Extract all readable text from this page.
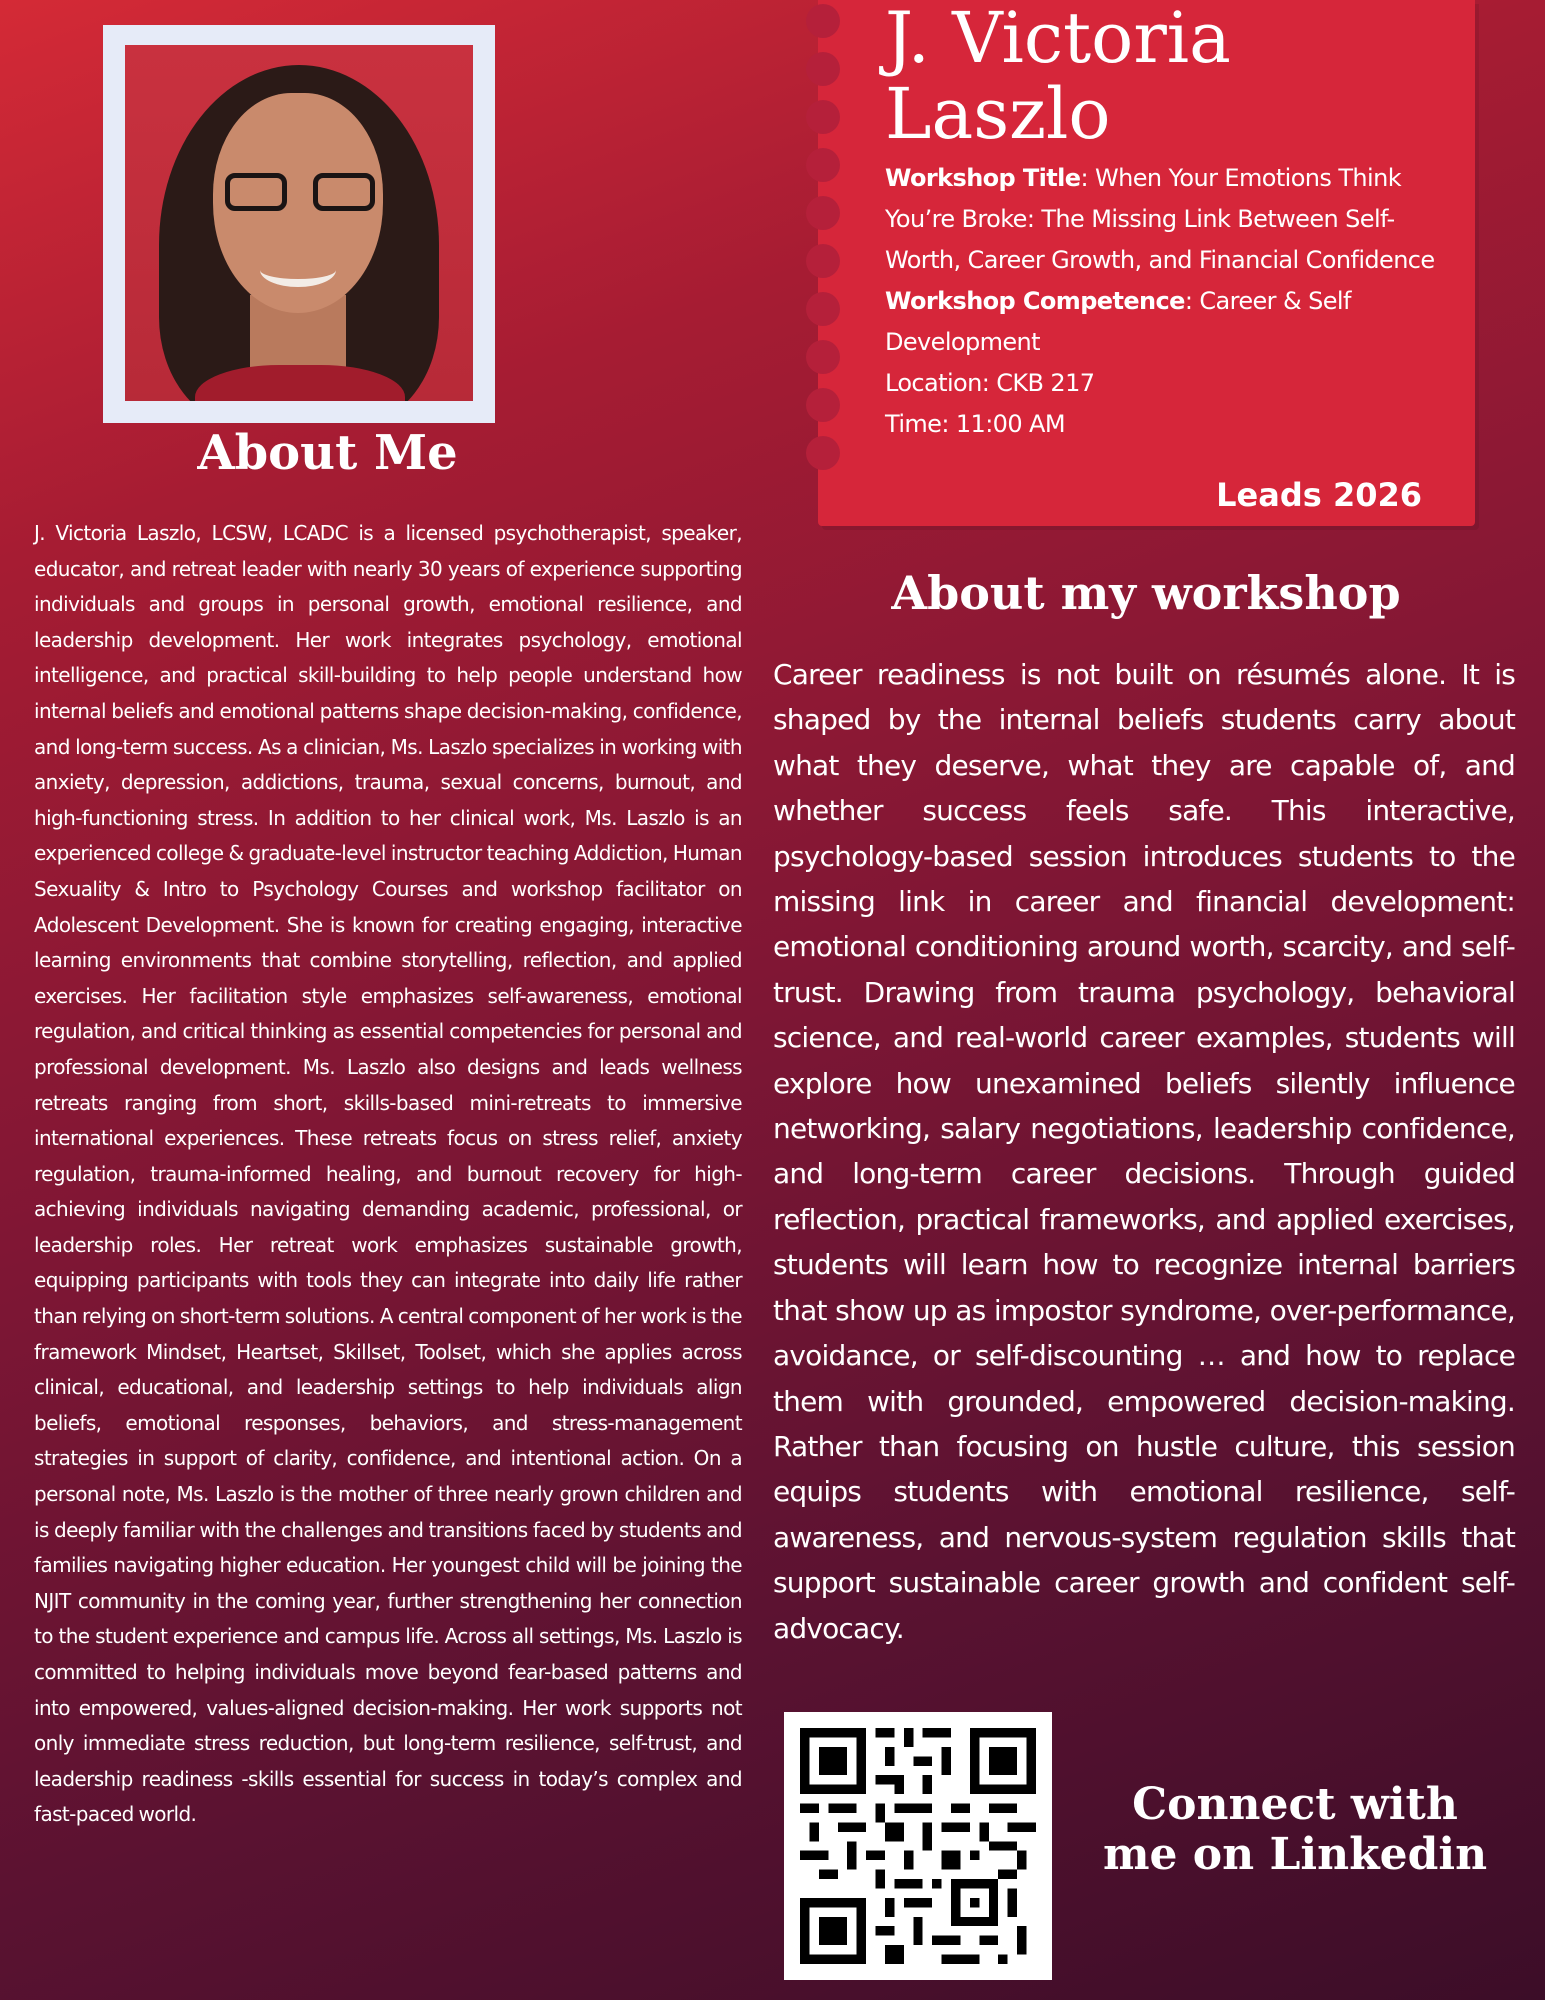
About Me

J. Victoria Laszlo, LCSW, LCADC is a licensed psychotherapist, speaker, educator, and retreat leader with nearly 30 years of experience supporting individuals and groups in personal growth, emotional resilience, and leadership development. Her work integrates psychology, emotional intelligence, and practical skill-building to help people understand how internal beliefs and emotional patterns shape decision-making, confidence, and long-term success. As a clinician, Ms. Laszlo specializes in working with anxiety, depression, addictions, trauma, sexual concerns, burnout, and high-functioning stress. In addition to her clinical work, Ms. Laszlo is an experienced college & graduate-level instructor teaching Addiction, Human Sexuality & Intro to Psychology Courses and workshop facilitator on Adolescent Development. She is known for creating engaging, interactive learning environments that combine storytelling, reflection, and applied exercises. Her facilitation style emphasizes self-awareness, emotional regulation, and critical thinking as essential competencies for personal and professional development. Ms. Laszlo also designs and leads wellness retreats ranging from short, skills-based mini-retreats to immersive international experiences. These retreats focus on stress relief, anxiety regulation, trauma-informed healing, and burnout recovery for high-achieving individuals navigating demanding academic, professional, or leadership roles. Her retreat work emphasizes sustainable growth, equipping participants with tools they can integrate into daily life rather than relying on short-term solutions. A central component of her work is the framework Mindset, Heartset, Skillset, Toolset, which she applies across clinical, educational, and leadership settings to help individuals align beliefs, emotional responses, behaviors, and stress-management strategies in support of clarity, confidence, and intentional action. On a personal note, Ms. Laszlo is the mother of three nearly grown children and is deeply familiar with the challenges and transitions faced by students and families navigating higher education. Her youngest child will be joining the NJIT community in the coming year, further strengthening her connection to the student experience and campus life. Across all settings, Ms. Laszlo is committed to helping individuals move beyond fear-based patterns and into empowered, values-aligned decision-making. Her work supports not only immediate stress reduction, but long-term resilience, self-trust, and leadership readiness -skills essential for success in today’s complex and fast-paced world.

J. Victoria Laszlo
Workshop Title: When Your Emotions Think You’re Broke: The Missing Link Between Self-Worth, Career Growth, and Financial Confidence
Workshop Competence: Career & Self Development
Location: CKB 217
Time: 11:00 AM
Leads 2026
About my workshop

Career readiness is not built on résumés alone. It is shaped by the internal beliefs students carry about what they deserve, what they are capable of, and whether success feels safe. This interactive, psychology-based session introduces students to the missing link in career and financial development: emotional conditioning around worth, scarcity, and self-trust. Drawing from trauma psychology, behavioral science, and real-world career examples, students will explore how unexamined beliefs silently influence networking, salary negotiations, leadership confidence, and long-term career decisions. Through guided reflection, practical frameworks, and applied exercises, students will learn how to recognize internal barriers that show up as impostor syndrome, over-performance, avoidance, or self-discounting … and how to replace them with grounded, empowered decision-making. Rather than focusing on hustle culture, this session equips students with emotional resilience, self-awareness, and nervous-system regulation skills that support sustainable career growth and confident self-advocacy.

Connect with me on Linkedin
